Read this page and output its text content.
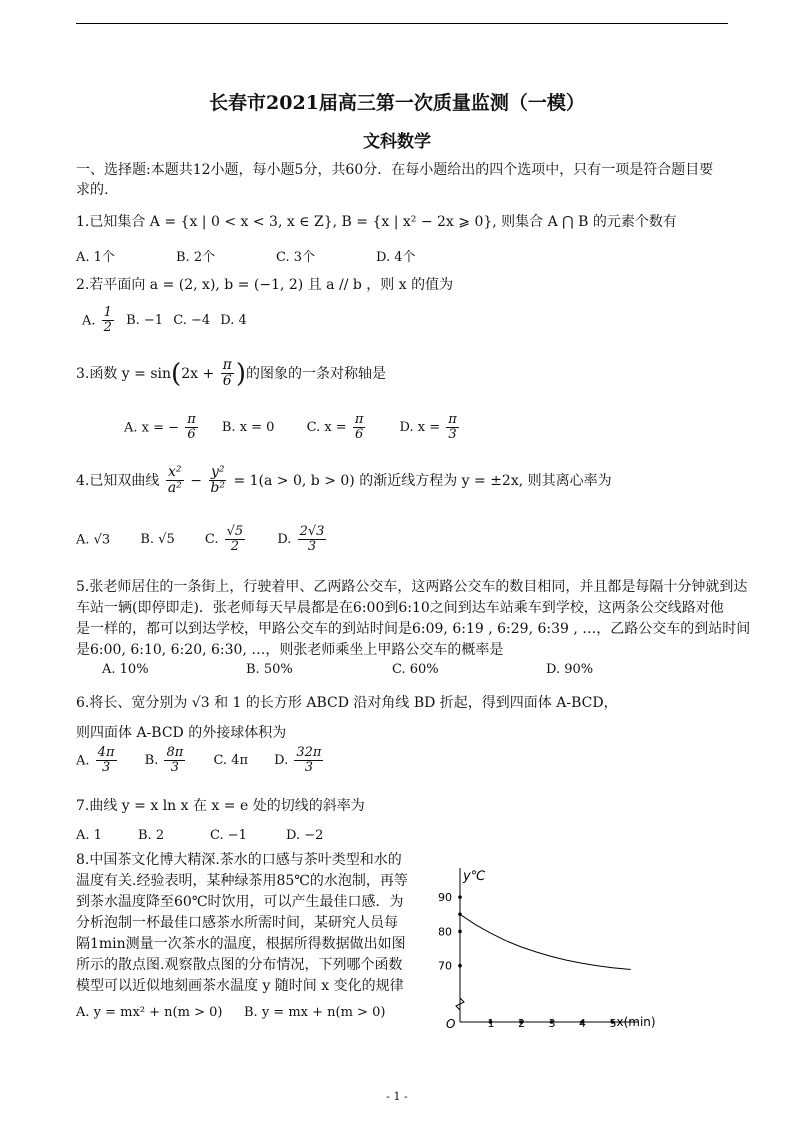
长春市2021届高三第一次质量监测（一模）
文科数学
一、选择题:本题共12小题，每小题5分，共60分．在每小题给出的四个选项中，只有一项是符合题目要
求的.
1.已知集合 A = {x | 0 < x < 3, x ∈ Z}, B = {x | x² − 2x ⩾ 0}, 则集合 A ⋂ B 的元素个数有
A. 1个	B. 2个	C. 3个	D. 4个
2.若平面向 a = (2, x), b = (−1, 2) 且 a // b ，则 x 的值为
A. $\frac{1}{2} B$. −1 C. −4 D. 4
3.函数 $y = \sin(2x + \frac{\pi}{6}$ )的图象的一条对称轴是
A. x = − $\frac{\pi}{6} B$. x = 0 C. $x = \frac{\pi}{6}$	D. $x = \frac{\pi}{3}$
4.已知双曲线 $\frac{\text{x²}}{\text{a²}} - \frac{\text{y²}}{\text{b²}} = 1(a > 0$, b > 0) 的渐近线方程为 y = ±2x, 则其离心率为
A. √3 B. √5 C. $\frac{√5}{2} D$. $\frac{2√3}{3}$
5.张老师居住的一条街上，行驶着甲、乙两路公交车，这两路公交车的数目相同，并且都是每隔十分钟就到达
车站一辆(即停即走)．张老师每天早晨都是在6:00到6:10之间到达车站乘车到学校，这两条公交线路对他
是一样的，都可以到达学校，甲路公交车的到站时间是6:09, 6:19 , 6:29, 6:39 , …，乙路公交车的到站时间
是6:00, 6:10, 6:20, 6:30, …，则张老师乘坐上甲路公交车的概率是
A. 10%	B. 50%	C. 60%	D. 90%
6.将长、宽分别为 √3 和 1 的长方形 ABCD 沿对角线 BD 折起，得到四面体 A-BCD，
则四面体 A-BCD 的外接球体积为
A. $\frac{4\pi}{3} B$. $\frac{8\pi}{3} C$. 4π D. $\frac{32\pi}{3}$
7.曲线 y = x ln x 在 x = e 处的切线的斜率为
A. 1	B. 2	C. −1	D. −2
8.中国茶文化博大精深.茶水的口感与茶叶类型和水的温度有关.经验表明，某种绿茶用85℃的水泡制，再等到茶水温度降至60℃时饮用，可以产生最佳口感．为分析泡制一杯最佳口感茶水所需时间，某研究人员每隔1min测量一次茶水的温度，根据所得数据做出如图所示的散点图.观察散点图的分布情况，下列哪个函数模型可以近似地刻画茶水温度 y 随时间 x 变化的规律
A. y = mx² + n(m > 0) B. y = mx + n(m > 0)
y℃
x(min)
O	1 2 3 4 5
70
80
90
- 1 -
